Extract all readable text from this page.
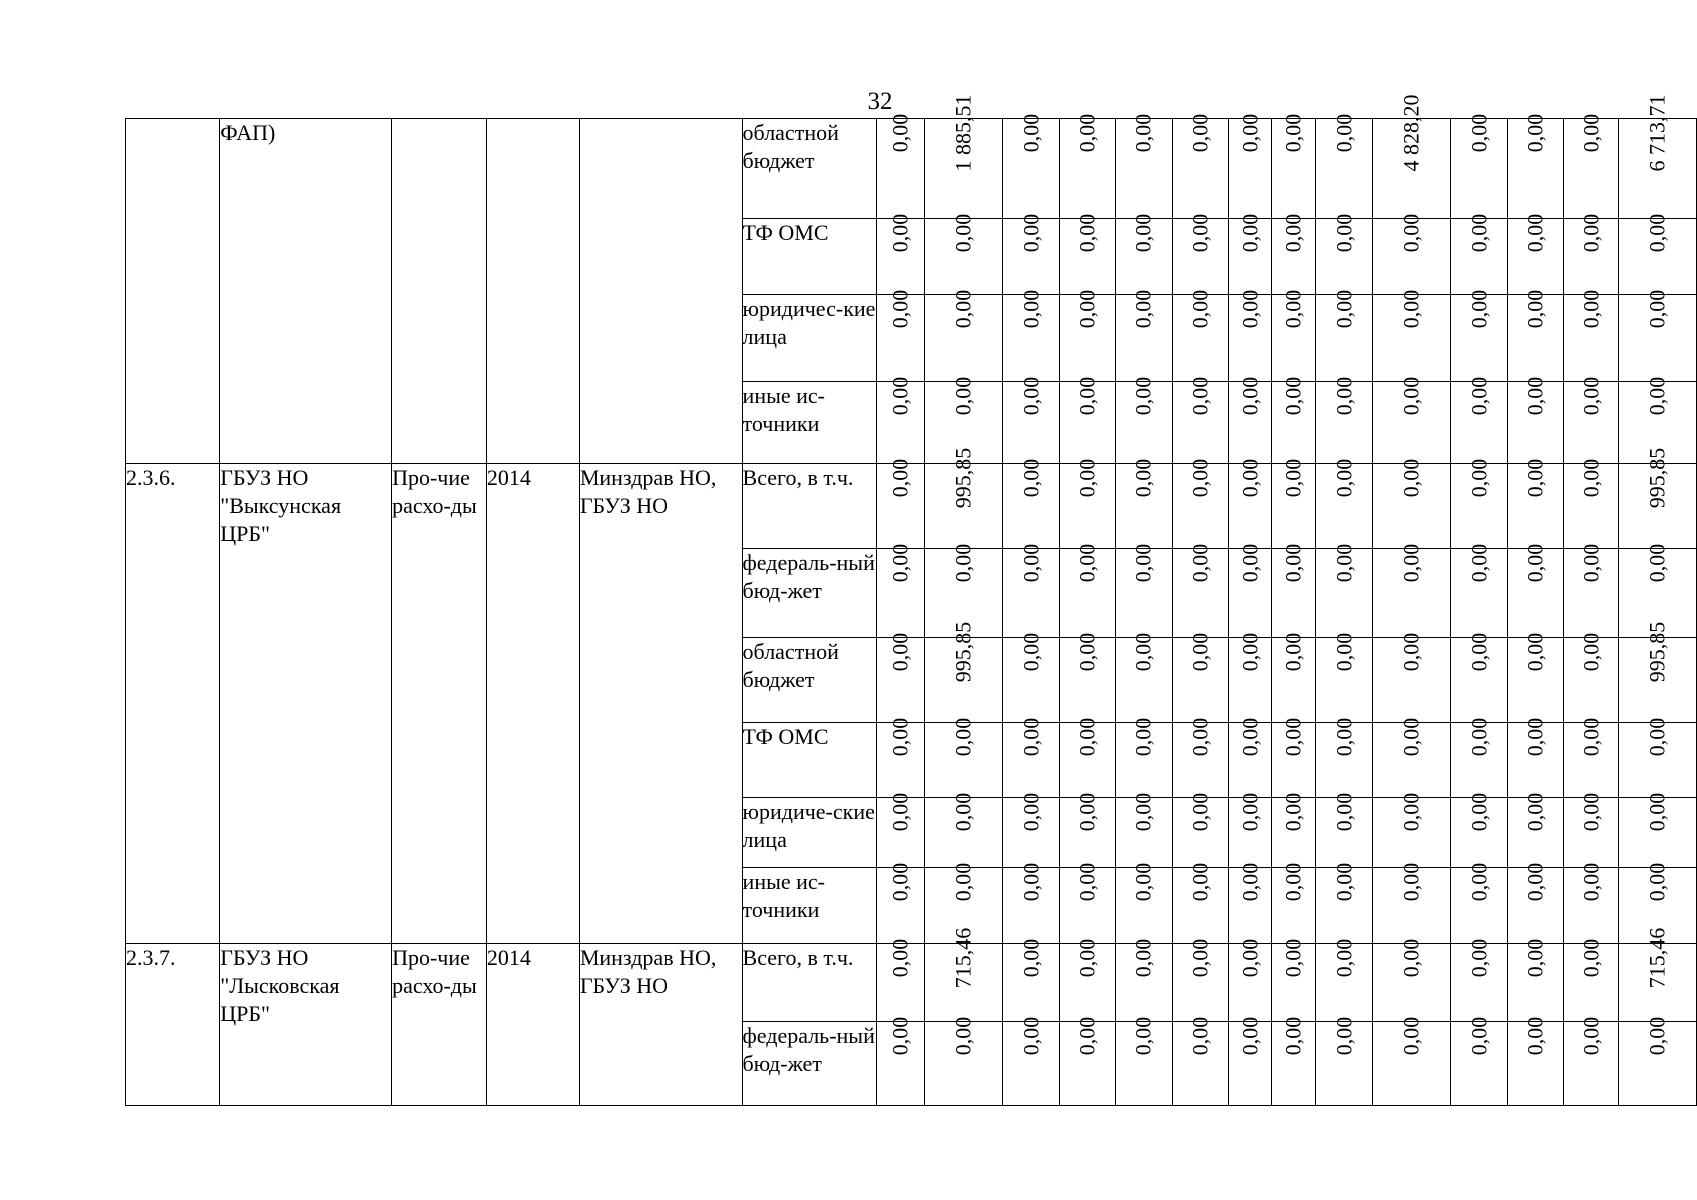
32
	ФАП)				областной бюджет	0,00	1 885,51	0,00	0,00	0,00	0,00	0,00	0,00	0,00	4 828,20	0,00	0,00	0,00	6 713,71
					ТФ ОМС	0,00	0,00	0,00	0,00	0,00	0,00	0,00	0,00	0,00	0,00	0,00	0,00	0,00	0,00
					юридичес-кие лица	0,00	0,00	0,00	0,00	0,00	0,00	0,00	0,00	0,00	0,00	0,00	0,00	0,00	0,00
					иные ис-точники	0,00	0,00	0,00	0,00	0,00	0,00	0,00	0,00	0,00	0,00	0,00	0,00	0,00	0,00
2.3.6.	ГБУЗ НО "Выксунская ЦРБ"	Про-чие расхо-ды	2014	Минздрав НО, ГБУЗ НО	Всего, в т.ч.	0,00	995,85	0,00	0,00	0,00	0,00	0,00	0,00	0,00	0,00	0,00	0,00	0,00	995,85
					федераль-ный бюд-жет	0,00	0,00	0,00	0,00	0,00	0,00	0,00	0,00	0,00	0,00	0,00	0,00	0,00	0,00
					областной бюджет	0,00	995,85	0,00	0,00	0,00	0,00	0,00	0,00	0,00	0,00	0,00	0,00	0,00	995,85
					ТФ ОМС	0,00	0,00	0,00	0,00	0,00	0,00	0,00	0,00	0,00	0,00	0,00	0,00	0,00	0,00
					юридиче-ские лица	0,00	0,00	0,00	0,00	0,00	0,00	0,00	0,00	0,00	0,00	0,00	0,00	0,00	0,00
					иные ис-точники	0,00	0,00	0,00	0,00	0,00	0,00	0,00	0,00	0,00	0,00	0,00	0,00	0,00	0,00
2.3.7.	ГБУЗ НО "Лысковская ЦРБ"	Про-чие расхо-ды	2014	Минздрав НО, ГБУЗ НО	Всего, в т.ч.	0,00	715,46	0,00	0,00	0,00	0,00	0,00	0,00	0,00	0,00	0,00	0,00	0,00	715,46
					федераль-ный бюд-жет	0,00	0,00	0,00	0,00	0,00	0,00	0,00	0,00	0,00	0,00	0,00	0,00	0,00	0,00
